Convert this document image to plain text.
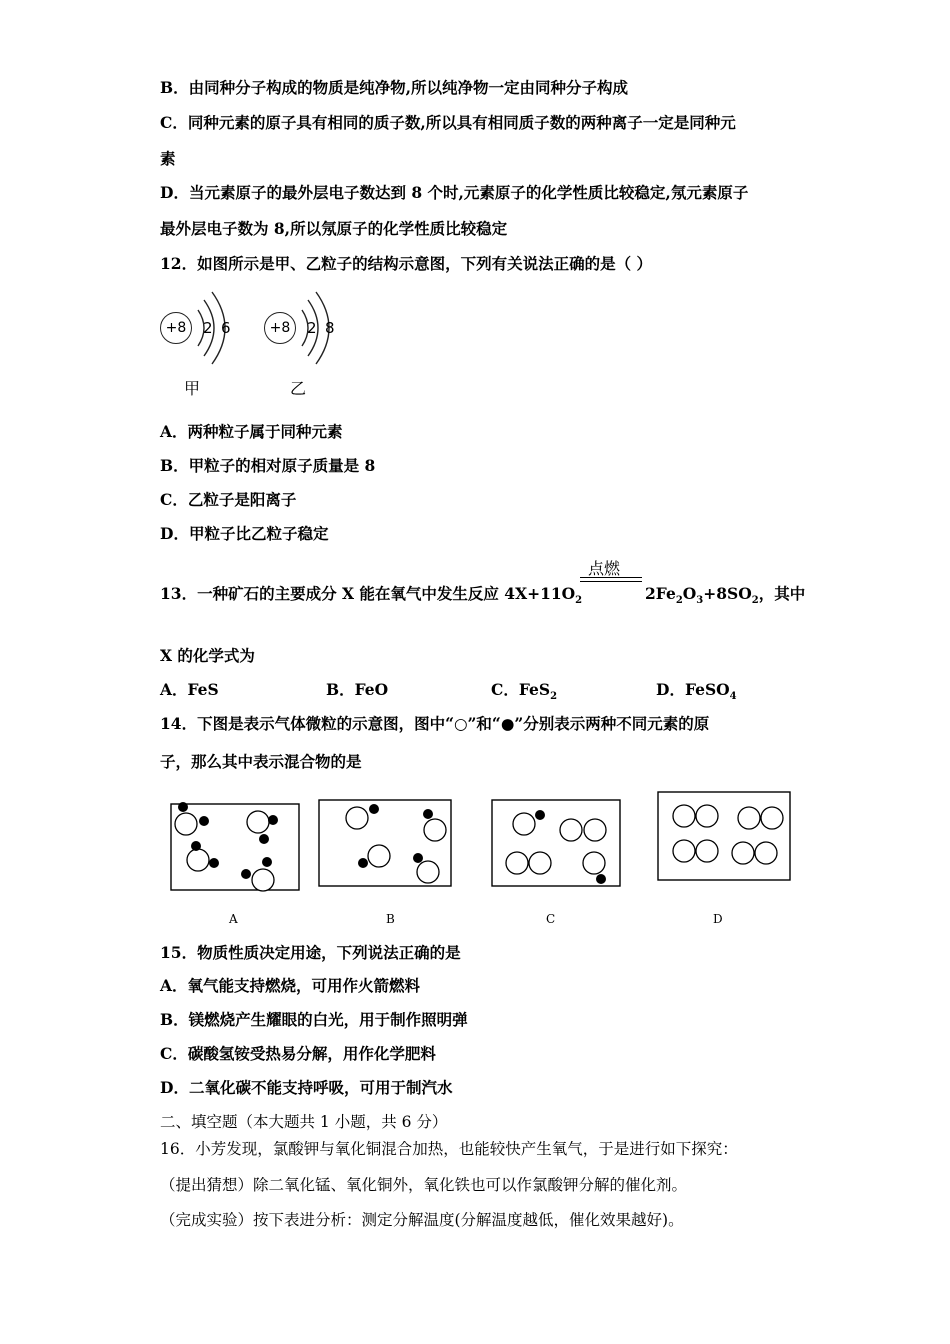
B．由同种分子构成的物质是纯净物,所以纯净物一定由同种分子构成
C．同种元素的原子具有相同的质子数,所以具有相同质子数的两种离子一定是同种元
素
D．当元素原子的最外层电子数达到 8 个时,元素原子的化学性质比较稳定,氖元素原子
最外层电子数为 8,所以氖原子的化学性质比较稳定
12．如图所示是甲、乙粒子的结构示意图，下列有关说法正确的是（ ）
+8	2 6
甲
+8	2 8
乙
A．两种粒子属于同种元素
B．甲粒子的相对原子质量是 8
C．乙粒子是阳离子
D．甲粒子比乙粒子稳定
点燃
13．一种矿石的主要成分 X 能在氧气中发生反应 $4X+11O_2$	$2Fe_2O_3+8SO_2$，其中
X 的化学式为
A．FeS	B．FeO	C．FeS$_2$	D．FeSO$_4$
14．下图是表示气体微粒的示意图，图中“○”和“●”分别表示两种不同元素的原
子，那么其中表示混合物的是
A	B	C	D
15．物质性质决定用途，下列说法正确的是
A．氧气能支持燃烧，可用作火箭燃料
B．镁燃烧产生耀眼的白光，用于制作照明弹
C．碳酸氢铵受热易分解，用作化学肥料
D．二氧化碳不能支持呼吸，可用于制汽水
二、填空题（本大题共 1 小题，共 6 分）
16．小芳发现，氯酸钾与氧化铜混合加热，也能较快产生氧气，于是进行如下探究：
（提出猜想）除二氧化锰、氧化铜外，氧化铁也可以作氯酸钾分解的催化剂。
（完成实验）按下表进分析：测定分解温度(分解温度越低，催化效果越好)。
